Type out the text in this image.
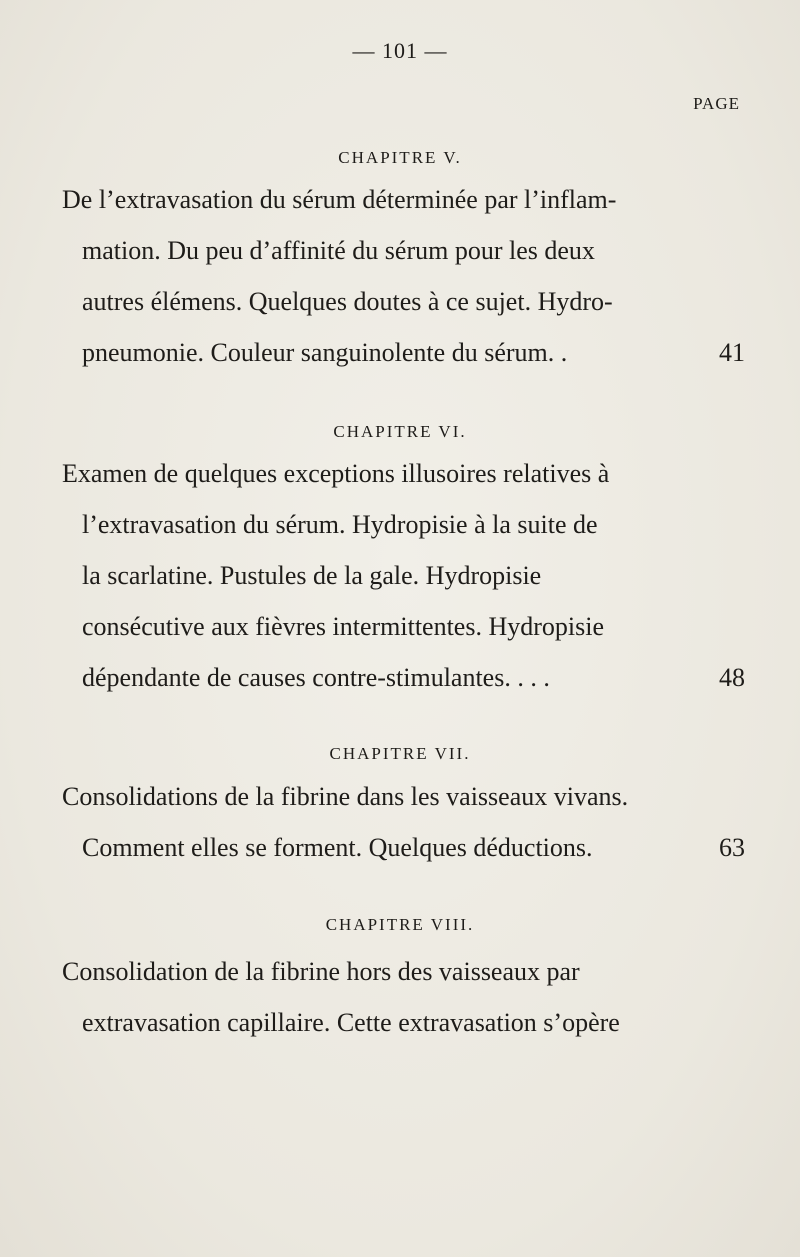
— 101 —
PAGE
CHAPITRE V.
De l’extravasation du sérum déterminée par l’inflam-
mation. Du peu d’affinité du sérum pour les deux
autres élémens. Quelques doutes à ce sujet. Hydro-
pneumonie. Couleur sanguinolente du sérum. .	41
CHAPITRE VI.
Examen de quelques exceptions illusoires relatives à
l’extravasation du sérum. Hydropisie à la suite de
la scarlatine. Pustules de la gale. Hydropisie
consécutive aux fièvres intermittentes. Hydropisie
dépendante de causes contre-stimulantes. . . .	48
CHAPITRE VII.
Consolidations de la fibrine dans les vaisseaux vivans.
Comment elles se forment. Quelques déductions.	63
CHAPITRE VIII.
Consolidation de la fibrine hors des vaisseaux par
extravasation capillaire. Cette extravasation s’opère
